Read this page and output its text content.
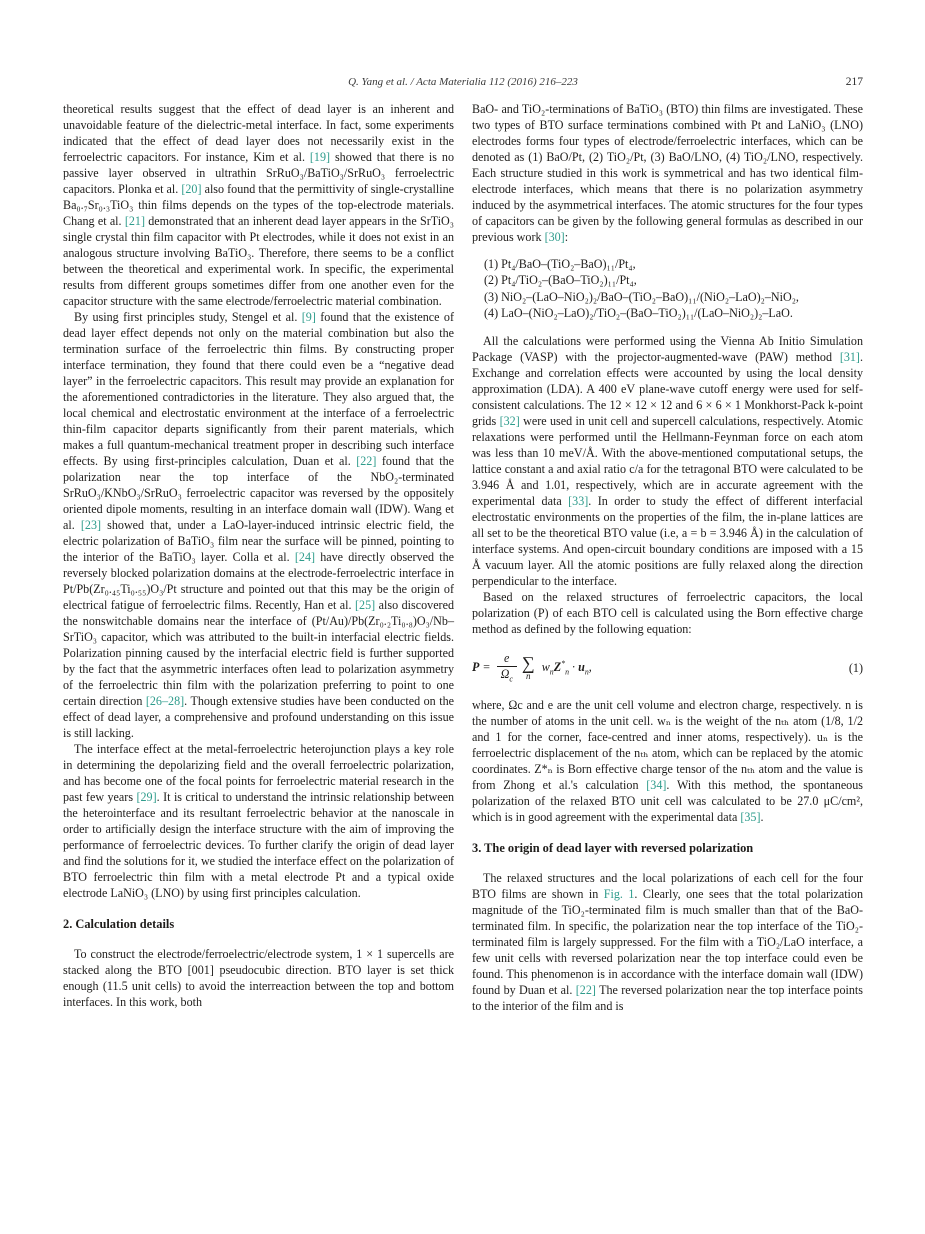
Q. Yang et al. / Acta Materialia 112 (2016) 216–223	217

theoretical results suggest that the effect of dead layer is an inherent and unavoidable feature of the dielectric-metal interface. In fact, some experiments indicated that the effect of dead layer does not necessarily exist in the ferroelectric capacitors. For instance, Kim et al. [19] showed that there is no passive layer observed in ultrathin SrRuO₃/BaTiO₃/SrRuO₃ ferroelectric capacitors. Plonka et al. [20] also found that the permittivity of single-crystalline Ba₀.₇Sr₀.₃TiO₃ thin films depends on the types of the top-electrode materials. Chang et al. [21] demonstrated that an inherent dead layer appears in the SrTiO₃ single crystal thin film capacitor with Pt electrodes, while it does not exist in an analogous structure involving BaTiO₃. Therefore, there seems to be a conflict between the theoretical and experimental work. In specific, the experimental results from different groups sometimes differ from one another even for the capacitor structure with the same electrode/ferroelectric material combination.

By using first principles study, Stengel et al. [9] found that the existence of dead layer effect depends not only on the material combination but also the termination surface of the ferroelectric thin films. By constructing proper interface termination, they found that there could even be a “negative dead layer” in the ferroelectric capacitors. This result may provide an explanation for the aforementioned contradictories in the literature. They also argued that, the local chemical and electrostatic environment at the interface of a ferroelectric thin-film capacitor departs significantly from their parent materials, which makes a full quantum-mechanical treatment proper in describing such interface effects. By using first-principles calculation, Duan et al. [22] found that the polarization near the top interface of the NbO₂-terminated SrRuO₃/KNbO₃/SrRuO₃ ferroelectric capacitor was reversed by the oppositely oriented dipole moments, resulting in an interface domain wall (IDW). Wang et al. [23] showed that, under a LaO-layer-induced intrinsic electric field, the electric polarization of BaTiO₃ film near the surface will be pinned, pointing to the interior of the BaTiO₃ layer. Colla et al. [24] have directly observed the reversely blocked polarization domains at the electrode-ferroelectric interface in Pt/Pb(Zr₀.₄₅Ti₀.₅₅)O₃/Pt structure and pointed out that this may be the origin of electrical fatigue of ferroelectric films. Recently, Han et al. [25] also discovered the nonswitchable domains near the interface of (Pt/Au)/Pb(Zr₀.₂Ti₀.₈)O₃/Nb–SrTiO₃ capacitor, which was attributed to the built-in interfacial electric fields. Polarization pinning caused by the interfacial electric field is further supported by the fact that the asymmetric interfaces often lead to polarization asymmetry of the ferroelectric thin film with the polarization preferring to point to one certain direction [26–28]. Though extensive studies have been conducted on the effect of dead layer, a comprehensive and profound understanding on this issue is still lacking.

The interface effect at the metal-ferroelectric heterojunction plays a key role in determining the depolarizing field and the overall ferroelectric polarization, and has become one of the focal points for ferroelectric material research in the past few years [29]. It is critical to understand the intrinsic relationship between the heterointerface and its resultant ferroelectric behavior at the nanoscale in order to artificially design the interface structure with the aim of improving the performance of ferroelectric devices. To further clarify the origin of dead layer and find the solutions for it, we studied the interface effect on the polarization of BTO ferroelectric thin film with a metal electrode Pt and a typical oxide electrode LaNiO₃ (LNO) by using first principles calculation.

2. Calculation details

To construct the electrode/ferroelectric/electrode system, 1 × 1 supercells are stacked along the BTO [001] pseudocubic direction. BTO layer is set thick enough (11.5 unit cells) to avoid the interreaction between the top and bottom interfaces. In this work, both

BaO- and TiO₂-terminations of BaTiO₃ (BTO) thin films are investigated. These two types of BTO surface terminations combined with Pt and LaNiO₃ (LNO) electrodes forms four types of electrode/ferroelectric interfaces, which can be denoted as (1) BaO/Pt, (2) TiO₂/Pt, (3) BaO/LNO, (4) TiO₂/LNO, respectively. Each structure studied in this work is symmetrical and has two identical film-electrode interfaces, which means that there is no polarization asymmetry induced by the asymmetrical interfaces. The atomic structures for the four types of capacitors can be given by the following general formulas as described in our previous work [30]:

(1) Pt₄/BaO–(TiO₂–BaO)₁₁/Pt₄,
(2) Pt₄/TiO₂–(BaO–TiO₂)₁₁/Pt₄,
(3) NiO₂–(LaO–NiO₂)₂/BaO–(TiO₂–BaO)₁₁/(NiO₂–LaO)₂–NiO₂,
(4) LaO–(NiO₂–LaO)₂/TiO₂–(BaO–TiO₂)₁₁/(LaO–NiO₂)₂–LaO.

All the calculations were performed using the Vienna Ab Initio Simulation Package (VASP) with the projector-augmented-wave (PAW) method [31]. Exchange and correlation effects were accounted by using the local density approximation (LDA). A 400 eV plane-wave cutoff energy were used for self-consistent calculations. The 12 × 12 × 12 and 6 × 6 × 1 Monkhorst-Pack k-point grids [32] were used in unit cell and supercell calculations, respectively. Atomic relaxations were performed until the Hellmann-Feynman force on each atom was less than 10 meV/Å. With the above-mentioned computational setups, the lattice constant a and axial ratio c/a for the tetragonal BTO were calculated to be 3.946 Å and 1.01, respectively, which are in accurate agreement with the experimental data [33]. In order to study the effect of different interfacial electrostatic environments on the properties of the film, the in-plane lattices are all set to be the theoretical BTO value (i.e, a = b = 3.946 Å) in the calculation of interface systems. And open-circuit boundary conditions are imposed with a 15 Å vacuum layer. All the atomic positions are fully relaxed along the direction perpendicular to the interface.

Based on the relaxed structures of ferroelectric capacitors, the local polarization (P) of each BTO cell is calculated using the Born effective charge method as defined by the following equation:

$P = \frac{e}{\Omega_c}$ ∑
n
$w_nZ^*_n \cdot u_n$,	(1)

where, Ωc and e are the unit cell volume and electron charge, respectively. n is the number of atoms in the unit cell. wₙ is the weight of the nₜₕ atom (1/8, 1/2 and 1 for the corner, face-centred and inner atoms, respectively). uₙ is the ferroelectric displacement of the nₜₕ atom, which can be replaced by the atomic coordinates. Z*ₙ is Born effective charge tensor of the nₜₕ atom and the value is from Zhong et al.'s calculation [34]. With this method, the spontaneous polarization of the relaxed BTO unit cell was calculated to be 27.0 μC/cm², which is in good agreement with the experimental data [35].

3. The origin of dead layer with reversed polarization

The relaxed structures and the local polarizations of each cell for the four BTO films are shown in Fig. 1. Clearly, one sees that the total polarization magnitude of the TiO₂-terminated film is much smaller than that of the BaO-terminated film. In specific, the polarization near the top interface of the TiO₂-terminated film is largely suppressed. For the film with a TiO₂/LaO interface, a few unit cells with reversed polarization near the top interface could even be found. This phenomenon is in accordance with the interface domain wall (IDW) found by Duan et al. [22] The reversed polarization near the top interface points to the interior of the film and is
